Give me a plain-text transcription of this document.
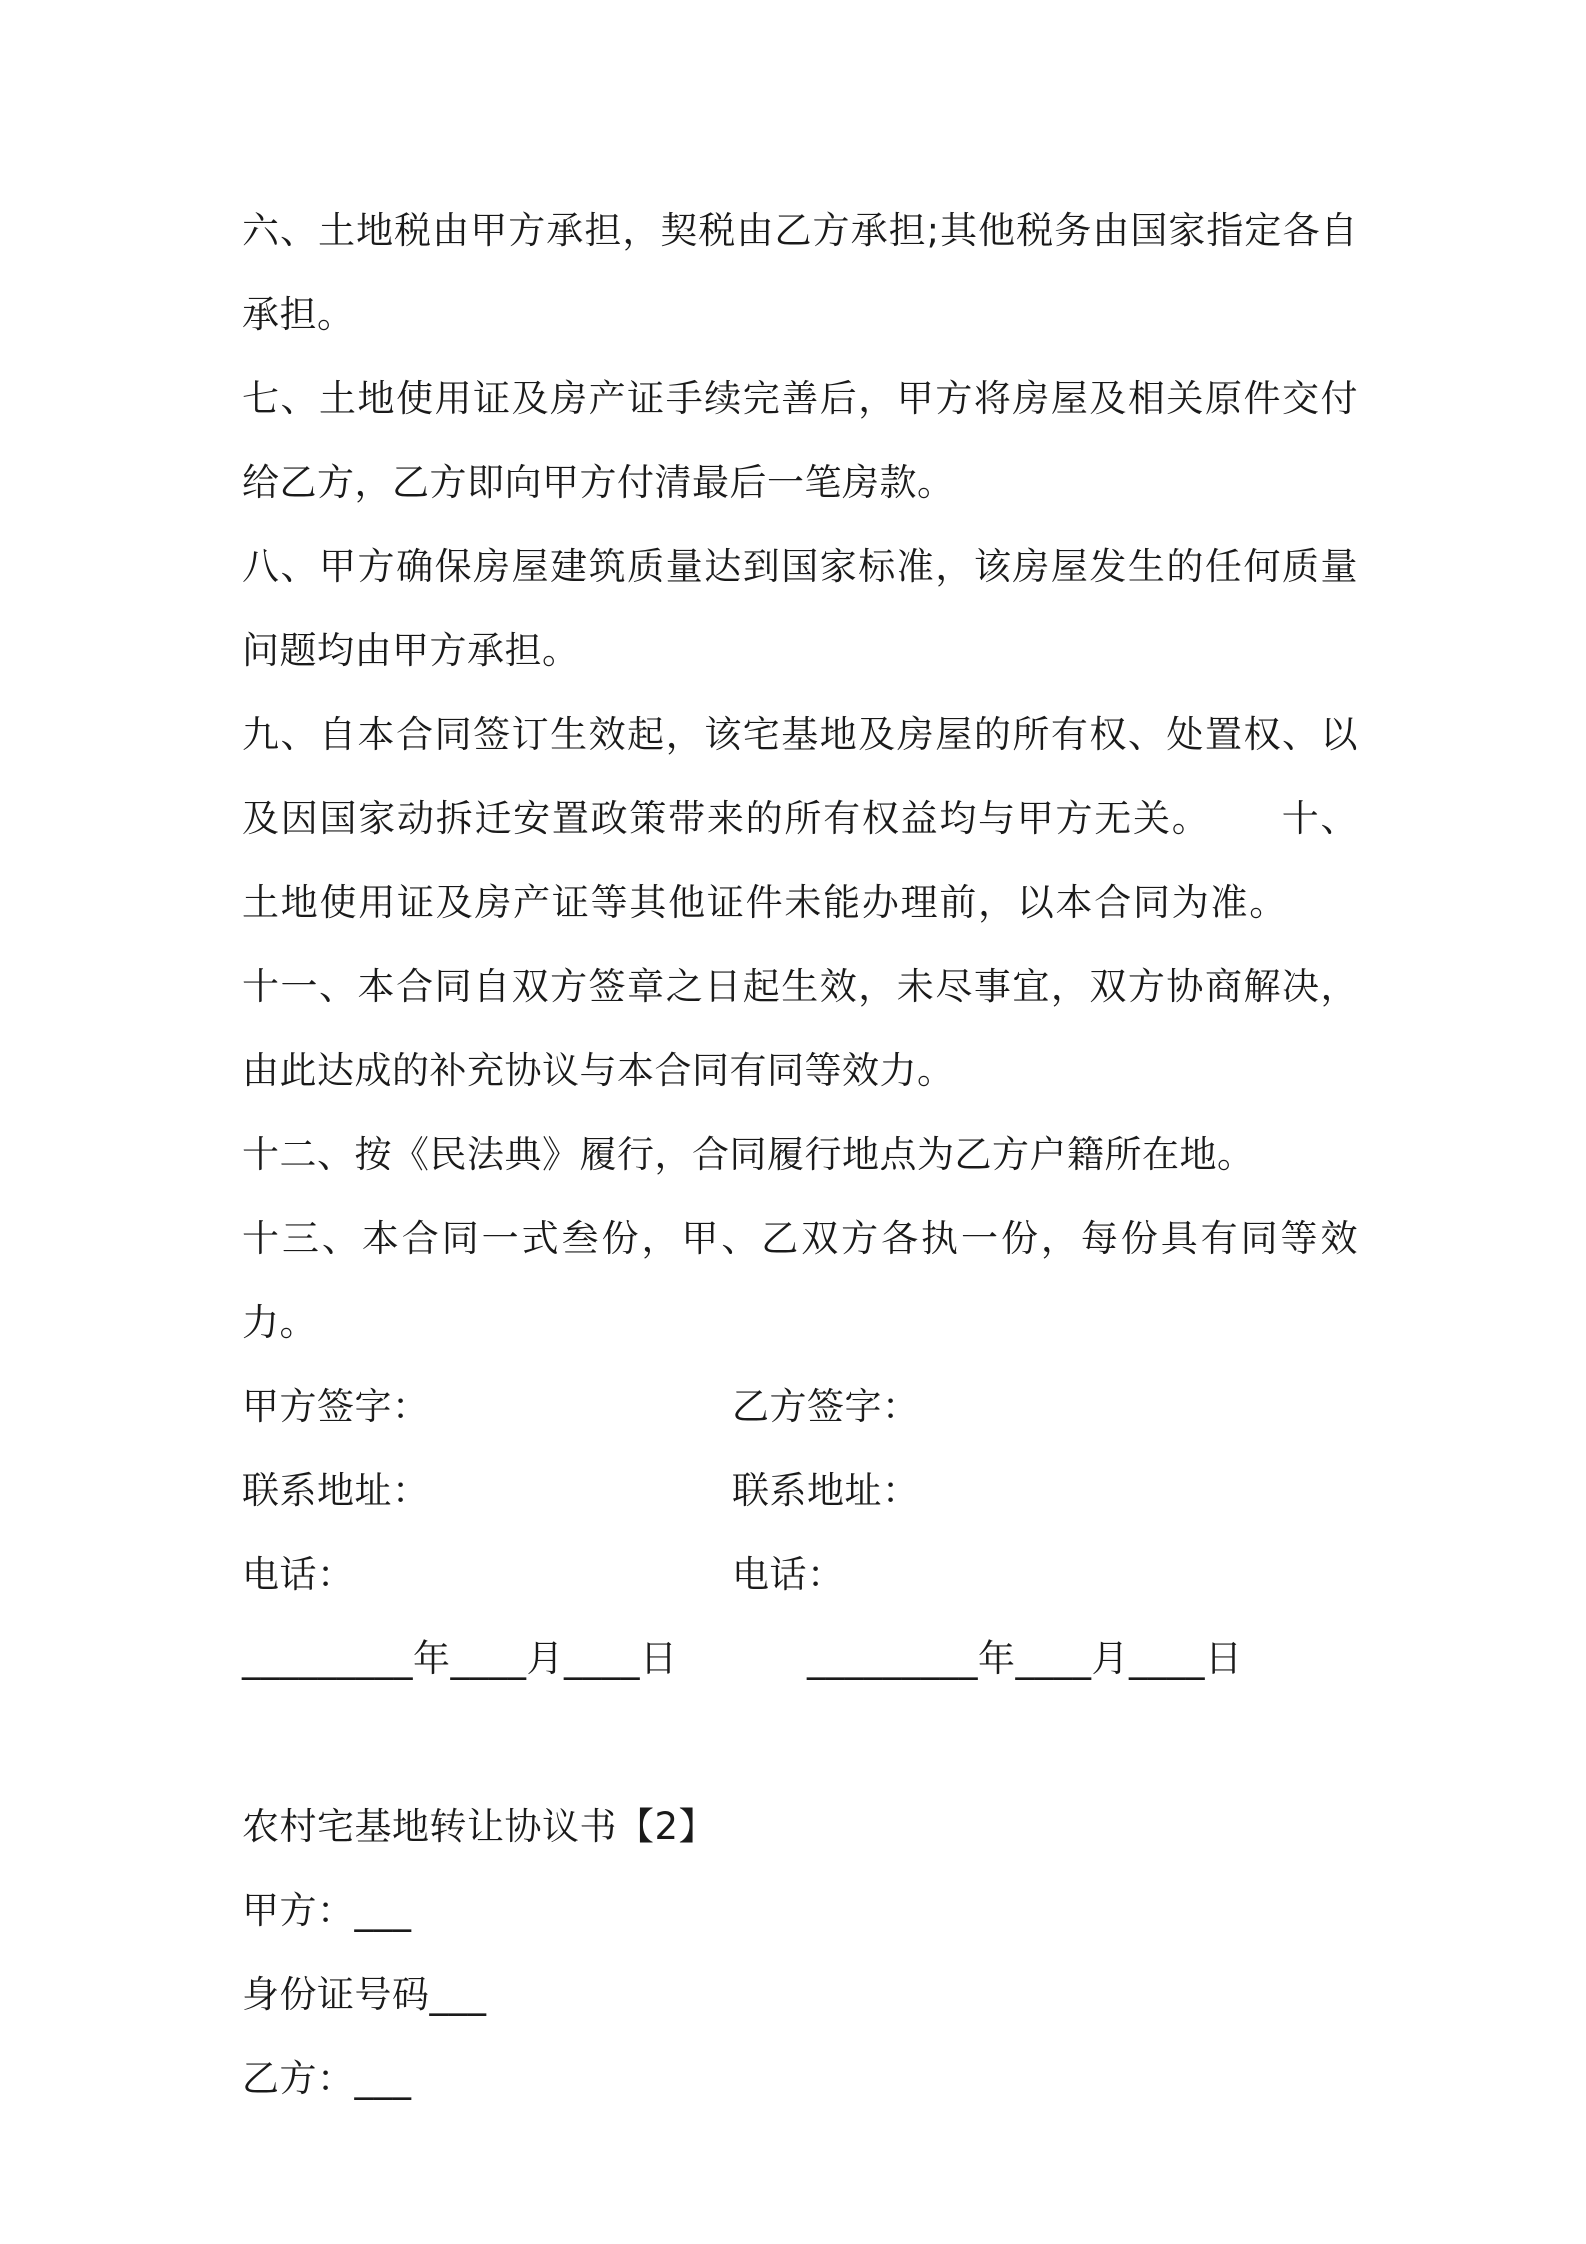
六、土地税由甲方承担，契税由乙方承担;其他税务由国家指定各自承担。

七、土地使用证及房产证手续完善后，甲方将房屋及相关原件交付给乙方，乙方即向甲方付清最后一笔房款。

八、甲方确保房屋建筑质量达到国家标准，该房屋发生的任何质量问题均由甲方承担。

九、自本合同签订生效起，该宅基地及房屋的所有权、处置权、以及因国家动拆迁安置政策带来的所有权益均与甲方无关。 十、土地使用证及房产证等其他证件未能办理前，以本合同为准。十一、本合同自双方签章之日起生效，未尽事宜，双方协商解决，由此达成的补充协议与本合同有同等效力。

十二、按《民法典》履行，合同履行地点为乙方户籍所在地。

十三、本合同一式叁份，甲、乙双方各执一份，每份具有同等效力。

甲方签字：	乙方签字：
联系地址：	联系地址：
电话：	电话：
_________年____月____日	_________年____月____日
农村宅基地转让协议书【2】
甲方：___
身份证号码___
乙方：___
